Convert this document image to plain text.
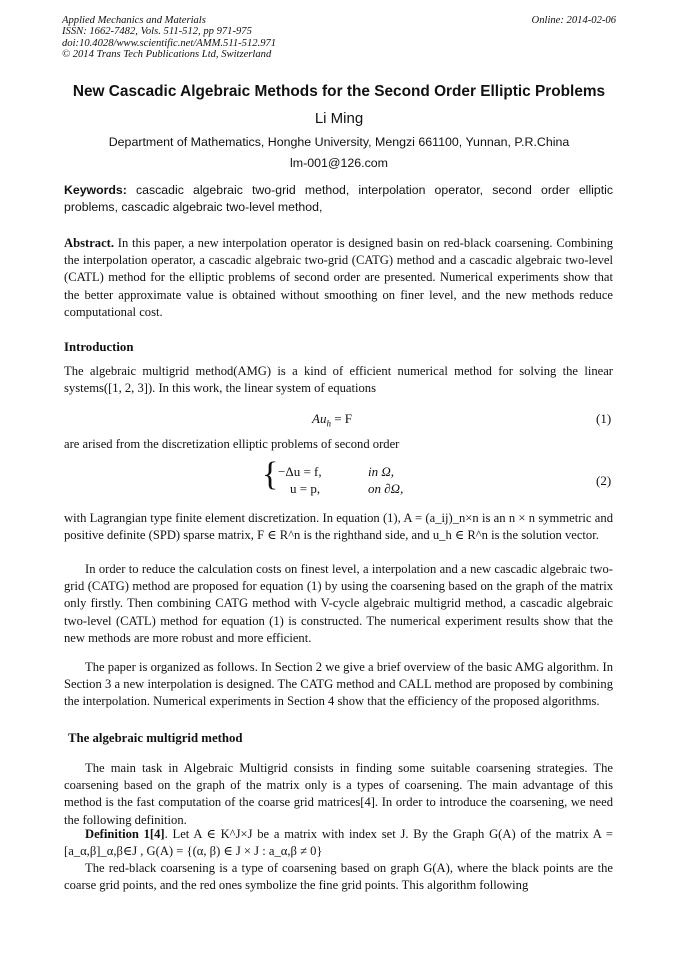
Applied Mechanics and Materials
ISSN: 1662-7482, Vols. 511-512, pp 971-975
doi:10.4028/www.scientific.net/AMM.511-512.971
© 2014 Trans Tech Publications Ltd, Switzerland
Online: 2014-02-06
New Cascadic Algebraic Methods for the Second Order Elliptic Problems
Li Ming
Department of Mathematics, Honghe University, Mengzi 661100, Yunnan, P.R.China
lm-001@126.com
Keywords: cascadic algebraic two-grid method, interpolation operator, second order elliptic problems, cascadic algebraic two-level method,
Abstract. In this paper, a new interpolation operator is designed basin on red-black coarsening. Combining the interpolation operator, a cascadic algebraic two-grid (CATG) method and a cascadic algebraic two-level (CATL) method for the elliptic problems of second order are presented. Numerical experiments show that the better approximate value is obtained without smoothing on finer level, and the new methods reduce computational cost.
Introduction
The algebraic multigrid method(AMG) is a kind of efficient numerical method for solving the linear systems([1, 2, 3]). In this work, the linear system of equations
$Au_h = F$	(1)
are arised from the discretization elliptic problems of second order
{ −Δu = f,	in Ω,
u = p,	on ∂Ω,
(2)
with Lagrangian type finite element discretization. In equation (1), A = (a_ij)_n×n is an n × n symmetric and positive definite (SPD) sparse matrix, F ∈ R^n is the righthand side, and u_h ∈ R^n is the solution vector.
In order to reduce the calculation costs on finest level, a interpolation and a new cascadic algebraic two-grid (CATG) method are proposed for equation (1) by using the coarsening based on the graph of the matrix only firstly. Then combining CATG method with V-cycle algebraic multigrid method, a cascadic algebraic two-level (CATL) method for equation (1) is constructed. The numerical experiment results show that the new methods are more robust and more efficient.
The paper is organized as follows. In Section 2 we give a brief overview of the basic AMG algorithm. In Section 3 a new interpolation is designed. The CATG method and CALL method are proposed by combining the interpolation. Numerical experiments in Section 4 show that the efficiency of the proposed algorithms.
The algebraic multigrid method
The main task in Algebraic Multigrid consists in finding some suitable coarsening strategies. The coarsening based on the graph of the matrix only is a types of coarsening. The main advantage of this method is the fast computation of the coarse grid matrices[4]. In order to introduce the coarsening, we need the following definition.
Definition 1[4]. Let A ∈ K^J×J be a matrix with index set J. By the Graph G(A) of the matrix A = [a_α,β]_α,β∈J , G(A) = {(α, β) ∈ J × J : a_α,β ≠ 0}
The red-black coarsening is a type of coarsening based on graph G(A), where the black points are the coarse grid points, and the red ones symbolize the fine grid points. This algorithm following
